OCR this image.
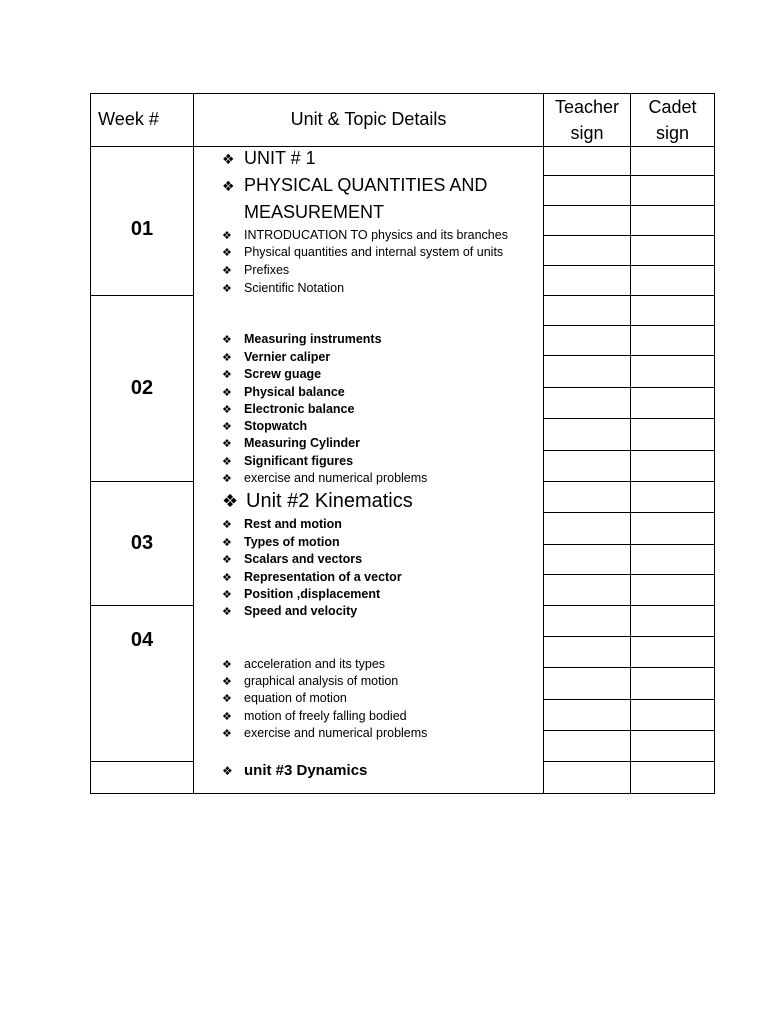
Week #	Unit & Topic Details
Teacher
sign
Cadet
sign
01
02
03
04
❖ UNIT # 1
❖ PHYSICAL QUANTITIES AND
MEASUREMENT
❖ INTRODUCATION TO physics and its branches
❖ Physical quantities and internal system of units
❖ Prefixes
❖ Scientific Notation
❖ Measuring instruments
❖ Vernier caliper
❖ Screw guage
❖ Physical balance
❖ Electronic balance
❖ Stopwatch
❖ Measuring Cylinder
❖ Significant figures
❖ exercise and numerical problems
❖ Unit #2 Kinematics
❖ Rest and motion
❖ Types of motion
❖ Scalars and vectors
❖ Representation of a vector
❖ Position ,displacement
❖ Speed and velocity
❖ acceleration and its types
❖ graphical analysis of motion
❖ equation of motion
❖ motion of freely falling bodied
❖ exercise and numerical problems
❖ unit #3 Dynamics
